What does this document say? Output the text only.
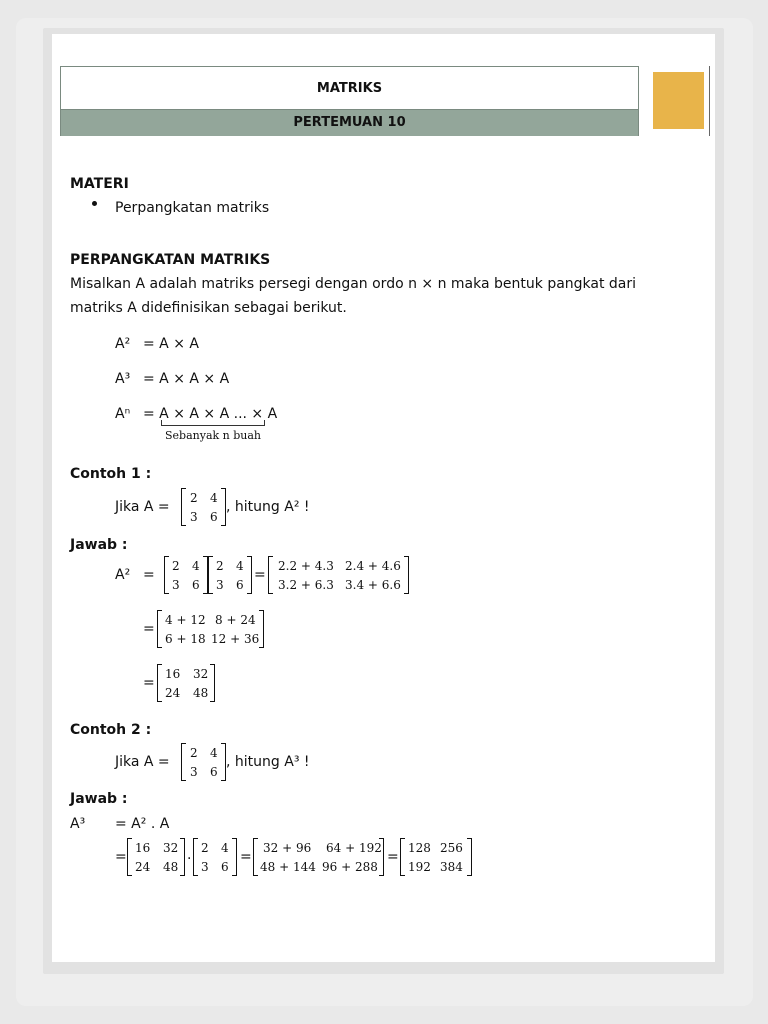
MATRIKS
PERTEMUAN 10
MATERI
Perpangkatan matriks
PERPANGKATAN MATRIKS
Misalkan A adalah matriks persegi dengan ordo n × n maka bentuk pangkat dari
matriks A didefinisikan sebagai berikut.
A² = A × A
A³ = A × A × A
Aⁿ = A × A × A ... × A
Sebanyak n buah
Contoh 1 :
Jika A =
2 4
3 6
, hitung A² !
Jawab :
A² =
2 4
3 6
2 4
3 6
=
2.2 + 4.3 2.4 + 4.6
3.2 + 6.3 3.4 + 6.6
=
4 + 12 8 + 24
6 + 18 12 + 36
=
16 32
24 48
Contoh 2 :
Jika A =
2 4
3 6
, hitung A³ !
Jawab :
A³ = A² . A
=
16 32
24 48
. 2 4
3 6
=
32 + 96 64 + 192
48 + 144 96 + 288
=
128 256
192 384
